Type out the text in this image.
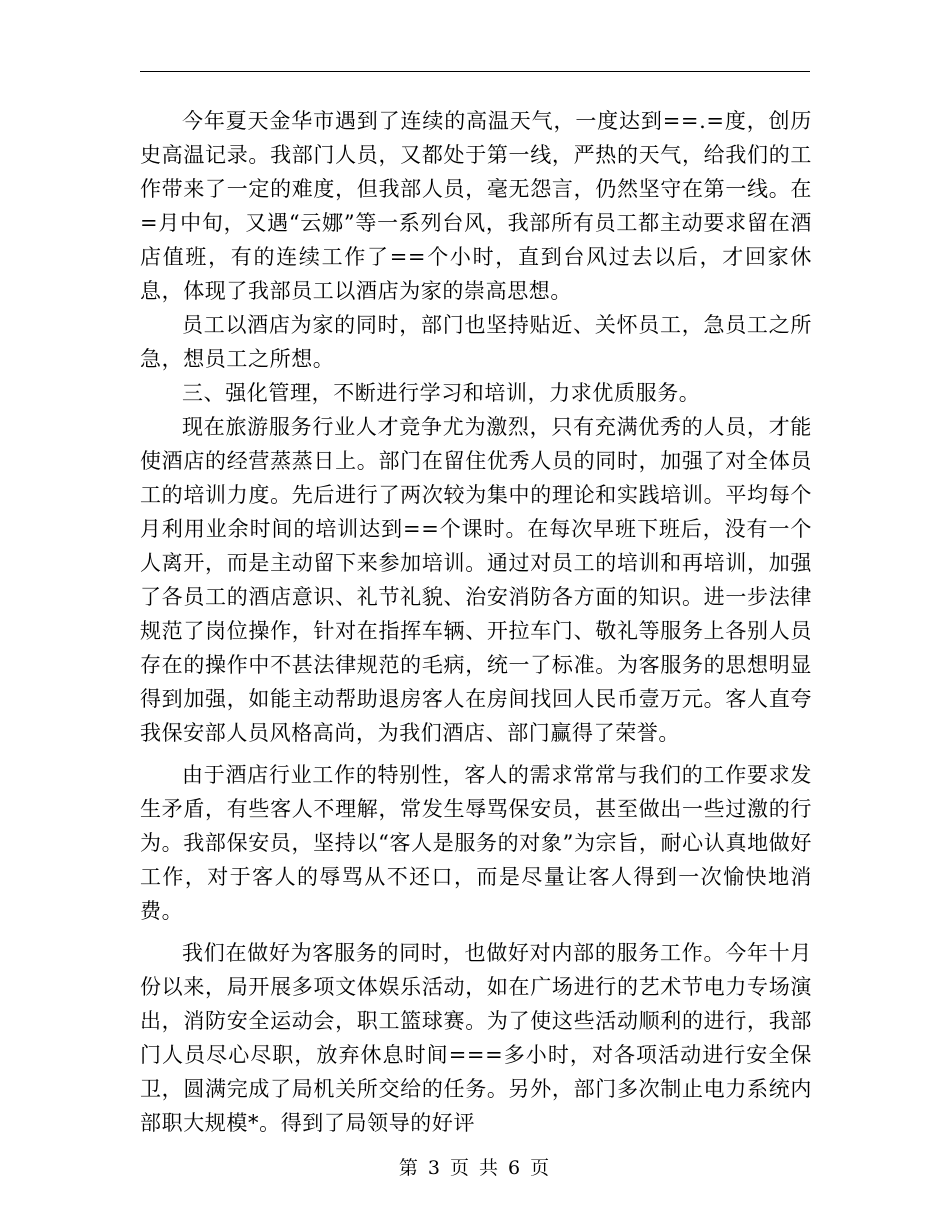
今年夏天金华市遇到了连续的高温天气，一度达到==.=度，创历史高温记录。我部门人员，又都处于第一线，严热的天气，给我们的工作带来了一定的难度，但我部人员，毫无怨言，仍然坚守在第一线。在=月中旬，又遇“云娜”等一系列台风，我部所有员工都主动要求留在酒店值班，有的连续工作了==个小时，直到台风过去以后，才回家休息，体现了我部员工以酒店为家的崇高思想。

员工以酒店为家的同时，部门也坚持贴近、关怀员工，急员工之所急，想员工之所想。

三、强化管理，不断进行学习和培训，力求优质服务。

现在旅游服务行业人才竞争尤为激烈，只有充满优秀的人员，才能使酒店的经营蒸蒸日上。部门在留住优秀人员的同时，加强了对全体员工的培训力度。先后进行了两次较为集中的理论和实践培训。平均每个月利用业余时间的培训达到==个课时。在每次早班下班后，没有一个人离开，而是主动留下来参加培训。通过对员工的培训和再培训，加强了各员工的酒店意识、礼节礼貌、治安消防各方面的知识。进一步法律规范了岗位操作，针对在指挥车辆、开拉车门、敬礼等服务上各别人员存在的操作中不甚法律规范的毛病，统一了标准。为客服务的思想明显得到加强，如能主动帮助退房客人在房间找回人民币壹万元。客人直夸我保安部人员风格高尚，为我们酒店、部门赢得了荣誉。

由于酒店行业工作的特别性，客人的需求常常与我们的工作要求发生矛盾，有些客人不理解，常发生辱骂保安员，甚至做出一些过激的行为。我部保安员，坚持以“客人是服务的对象”为宗旨，耐心认真地做好工作，对于客人的辱骂从不还口，而是尽量让客人得到一次愉快地消费。

我们在做好为客服务的同时，也做好对内部的服务工作。今年十月份以来，局开展多项文体娱乐活动，如在广场进行的艺术节电力专场演出，消防安全运动会，职工篮球赛。为了使这些活动顺利的进行，我部门人员尽心尽职，放弃休息时间===多小时，对各项活动进行安全保卫，圆满完成了局机关所交给的任务。另外，部门多次制止电力系统内部职大规模*。得到了局领导的好评

第 3 页 共 6 页
